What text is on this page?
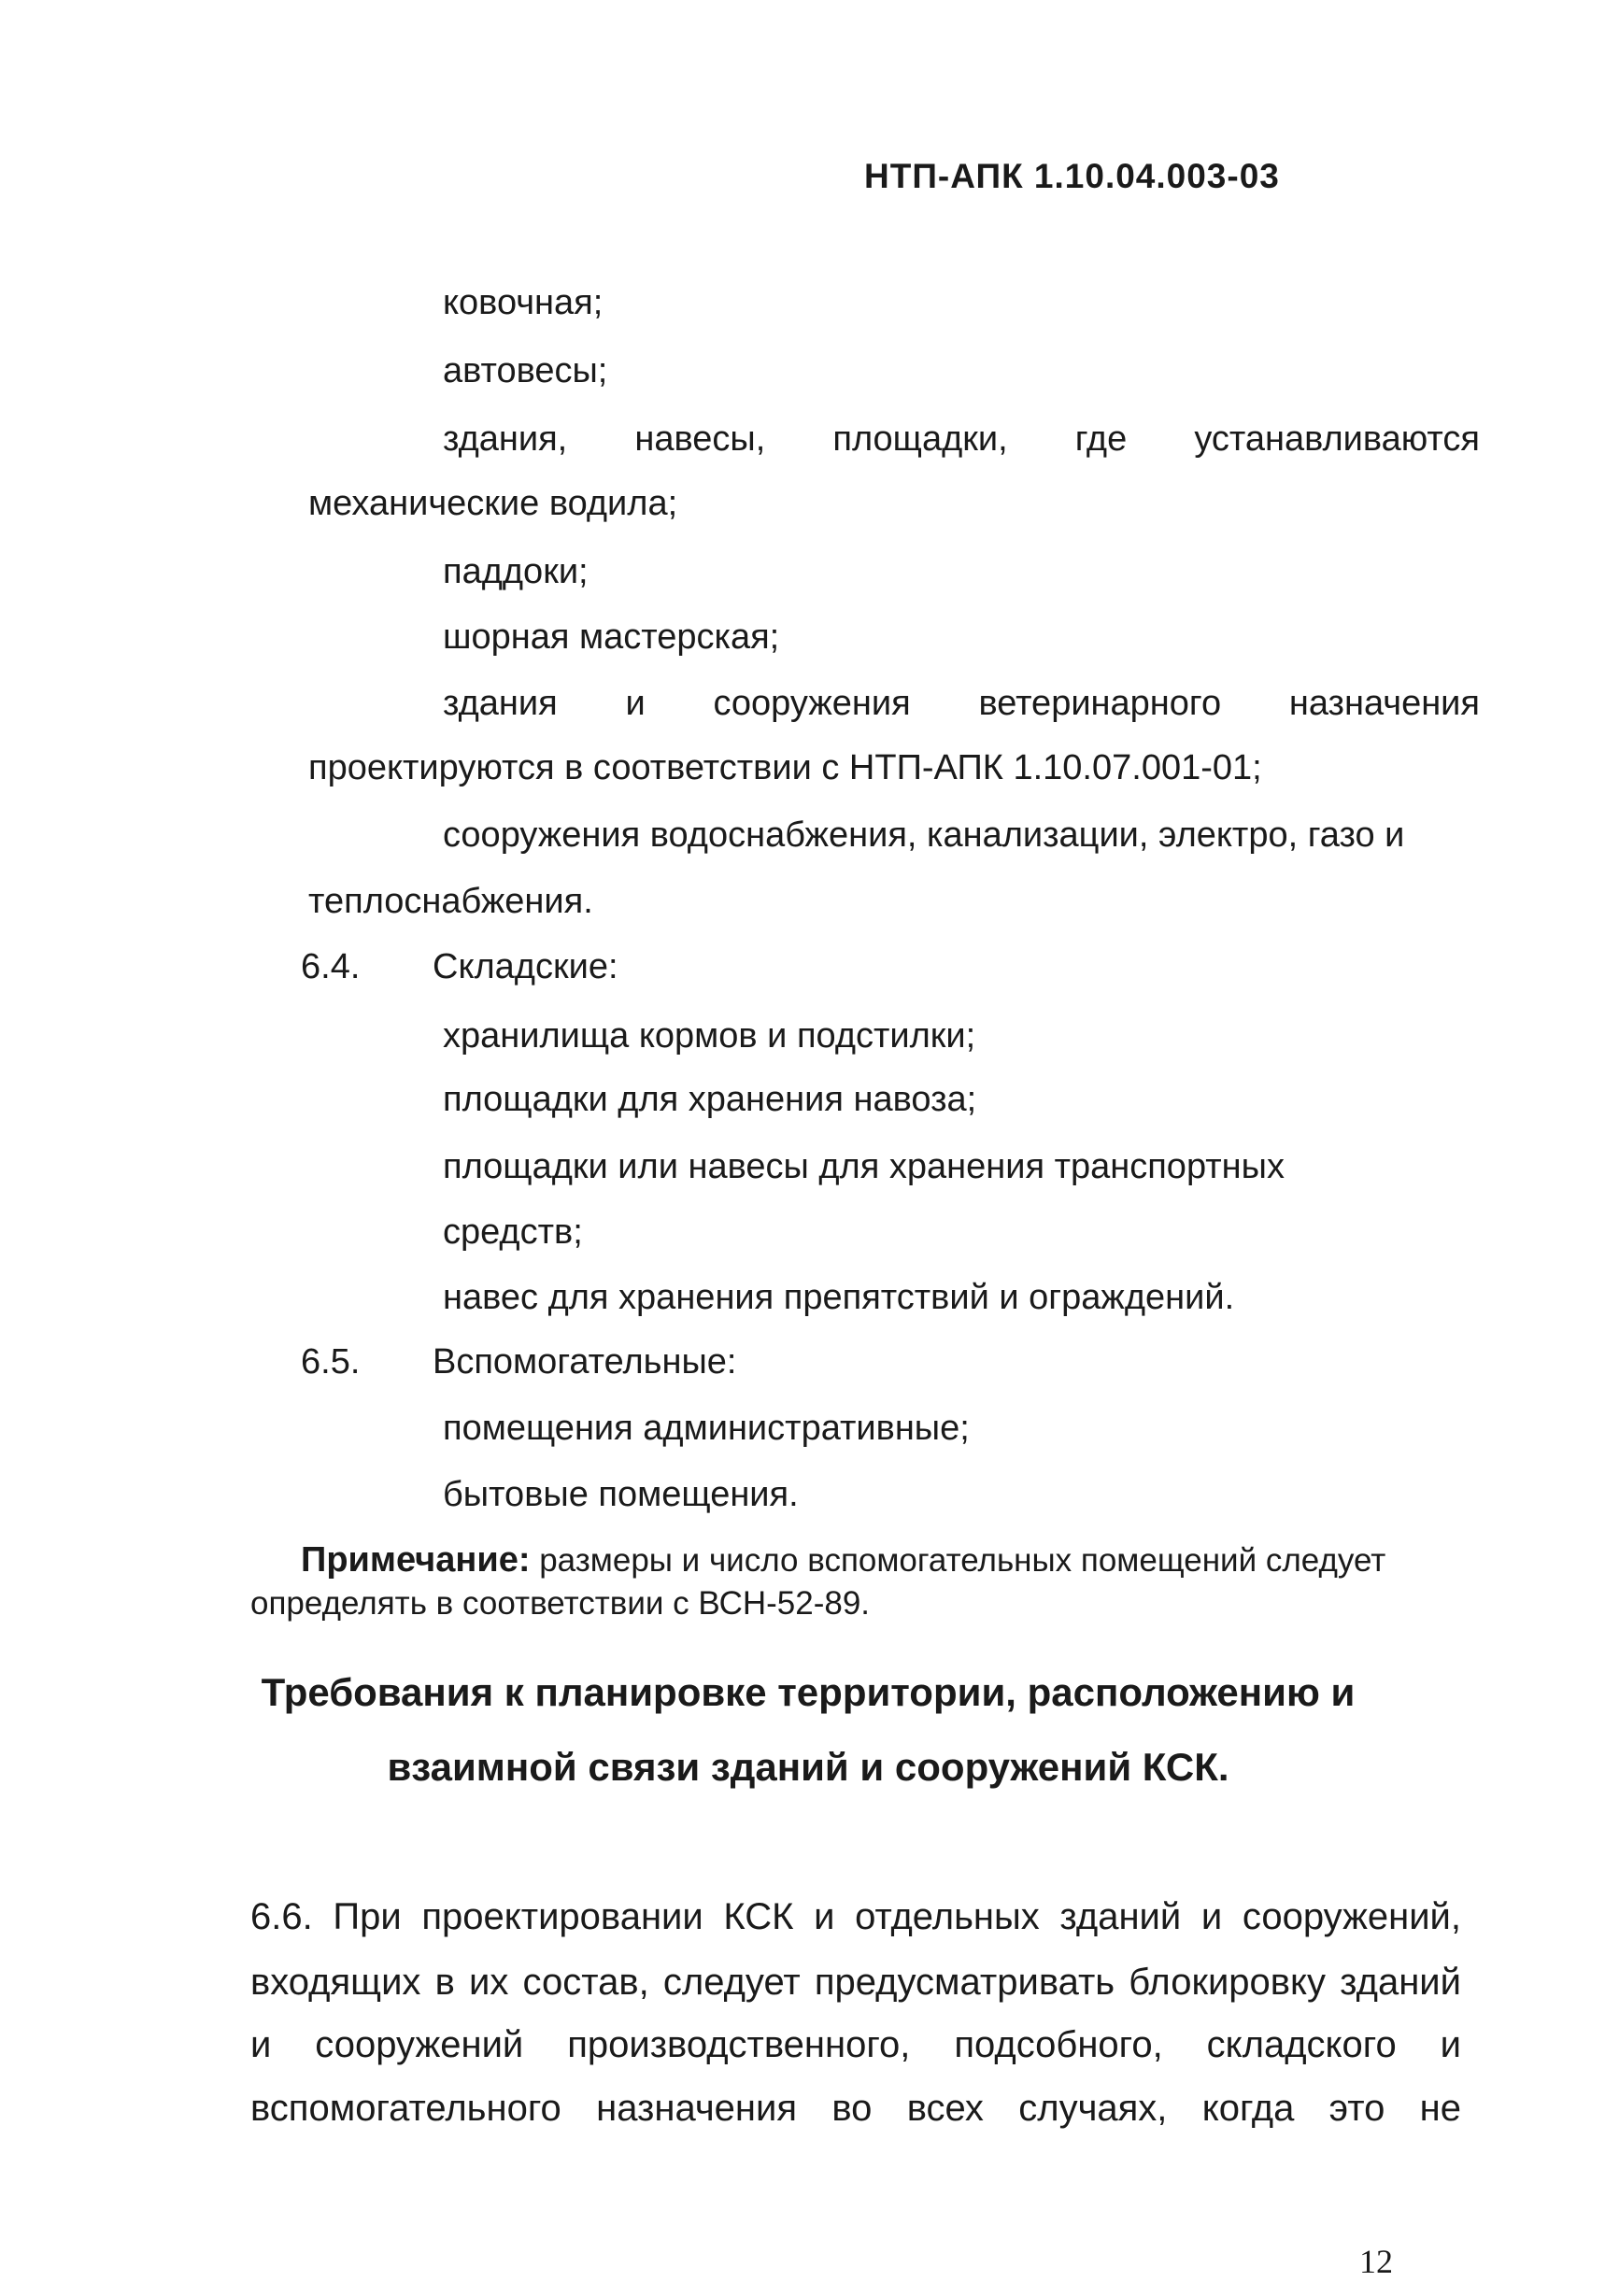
НТП-АПК 1.10.04.003-03
ковочная;
автовесы;
здания, навесы, площадки, где устанавливаются
механические водила;
паддоки;
шорная мастерская;
здания и сооружения ветеринарного назначения
проектируются в соответствии с НТП-АПК 1.10.07.001-01;
сооружения водоснабжения, канализации, электро, газо и
теплоснабжения.
6.4. Складские:
хранилища кормов и подстилки;
площадки для хранения навоза;
площадки или навесы для хранения транспортных
средств;
навес для хранения препятствий и ограждений.
6.5. Вспомогательные:
помещения административные;
бытовые помещения.
Примечание: размеры и число вспомогательных помещений следует
определять в соответствии с ВСН-52-89.
Требования к планировке территории, расположению и
взаимной связи зданий и сооружений КСК.
6.6. При проектировании КСК и отдельных зданий и сооружений,
входящих в их состав, следует предусматривать блокировку зданий
и сооружений производственного, подсобного, складского и
вспомогательного назначения во всех случаях, когда это не
12
